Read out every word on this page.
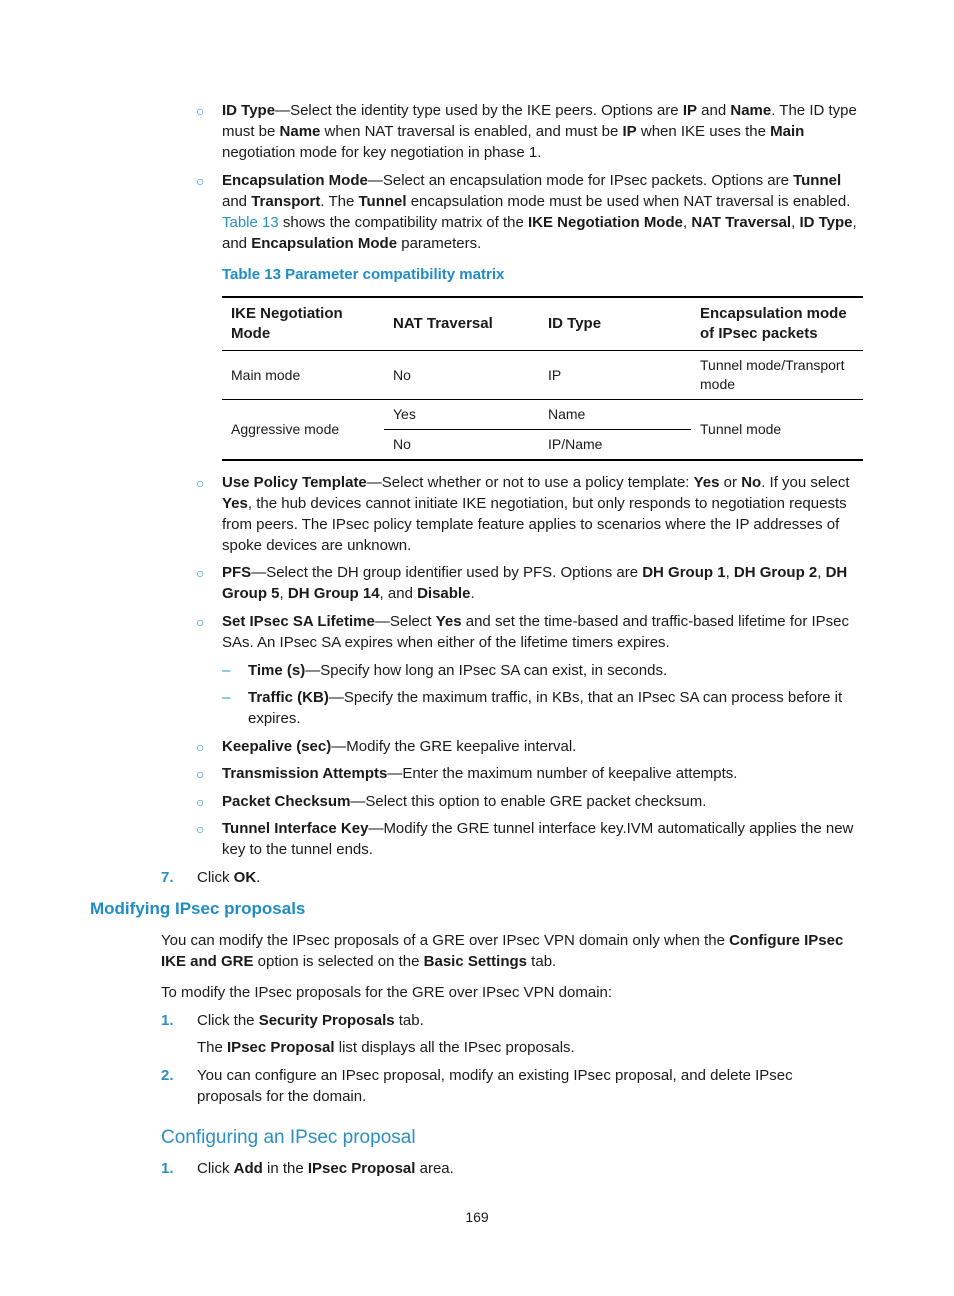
○ ID Type—Select the identity type used by the IKE peers. Options are IP and Name. The ID type must be Name when NAT traversal is enabled, and must be IP when IKE uses the Main negotiation mode for key negotiation in phase 1.
○ Encapsulation Mode—Select an encapsulation mode for IPsec packets. Options are Tunnel and Transport. The Tunnel encapsulation mode must be used when NAT traversal is enabled. Table 13 shows the compatibility matrix of the IKE Negotiation Mode, NAT Traversal, ID Type, and Encapsulation Mode parameters.
Table 13 Parameter compatibility matrix
IKE Negotiation Mode	NAT Traversal	ID Type	Encapsulation mode of IPsec packets
Main mode	No	IP	Tunnel mode/Transport mode
Aggressive mode	Yes	Name	Tunnel mode
	No	IP/Name	
○ Use Policy Template—Select whether or not to use a policy template: Yes or No. If you select Yes, the hub devices cannot initiate IKE negotiation, but only responds to negotiation requests from peers. The IPsec policy template feature applies to scenarios where the IP addresses of spoke devices are unknown.
○ PFS—Select the DH group identifier used by PFS. Options are DH Group 1, DH Group 2, DH Group 5, DH Group 14, and Disable.
○ Set IPsec SA Lifetime—Select Yes and set the time-based and traffic-based lifetime for IPsec SAs. An IPsec SA expires when either of the lifetime timers expires.
– Time (s)—Specify how long an IPsec SA can exist, in seconds.
– Traffic (KB)—Specify the maximum traffic, in KBs, that an IPsec SA can process before it expires.
○ Keepalive (sec)—Modify the GRE keepalive interval.
○ Transmission Attempts—Enter the maximum number of keepalive attempts.
○ Packet Checksum—Select this option to enable GRE packet checksum.
○ Tunnel Interface Key—Modify the GRE tunnel interface key.IVM automatically applies the new key to the tunnel ends.
7. Click OK.
Modifying IPsec proposals
You can modify the IPsec proposals of a GRE over IPsec VPN domain only when the Configure IPsec IKE and GRE option is selected on the Basic Settings tab.
To modify the IPsec proposals for the GRE over IPsec VPN domain:
1. Click the Security Proposals tab.
The IPsec Proposal list displays all the IPsec proposals.
2. You can configure an IPsec proposal, modify an existing IPsec proposal, and delete IPsec proposals for the domain.
Configuring an IPsec proposal
1. Click Add in the IPsec Proposal area.
169
